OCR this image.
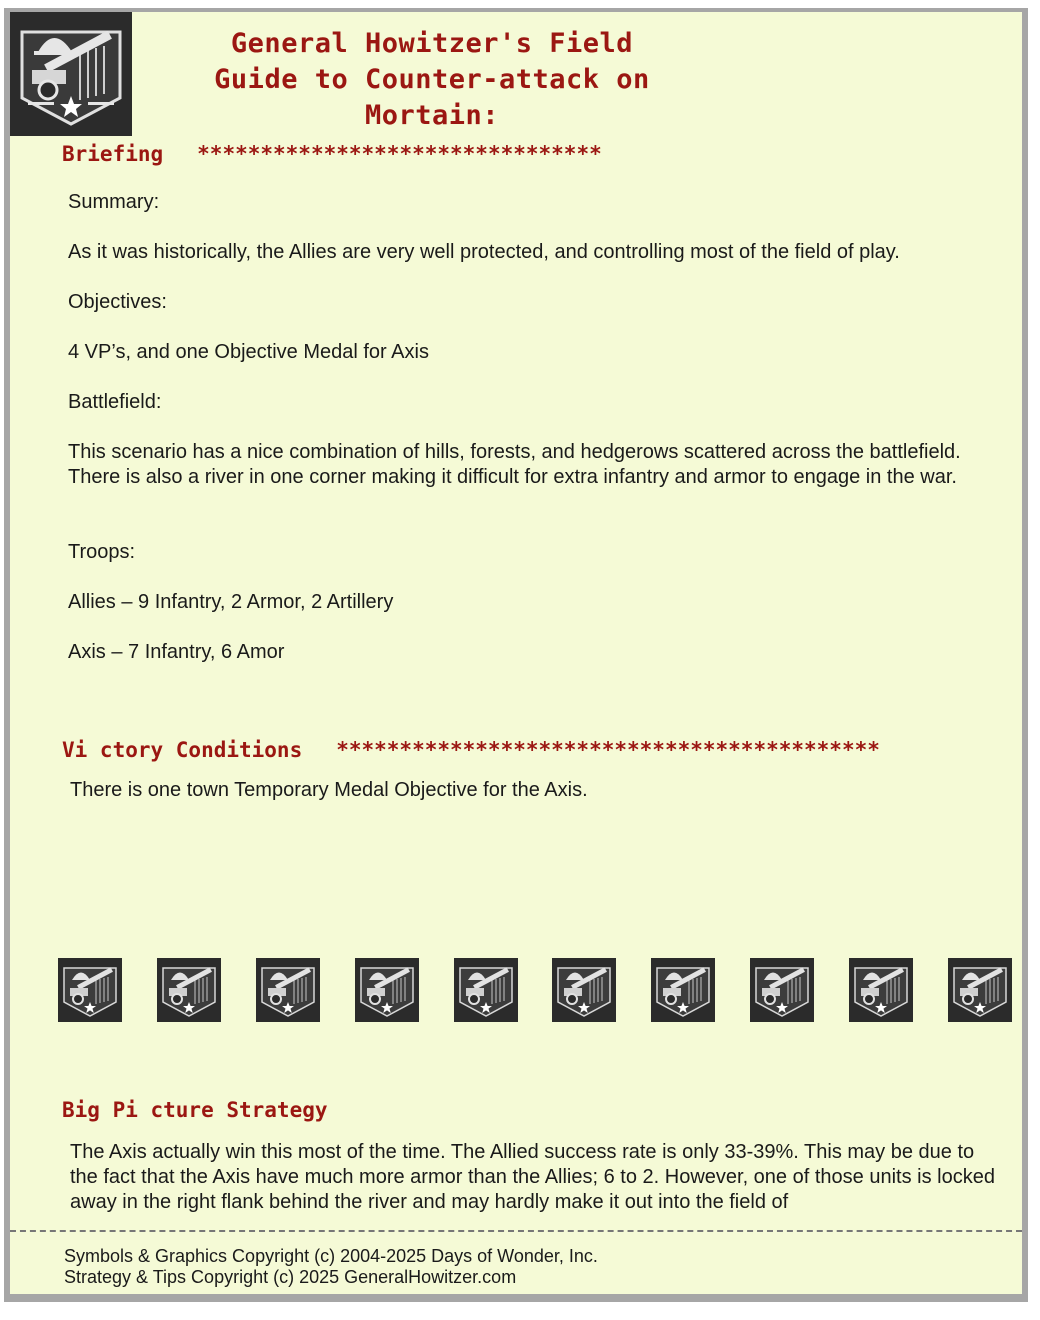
General Howitzer's Field
Guide to Counter-attack on
Mortain:
Briefing ********************************

Summary:

As it was historically, the Allies are very well protected, and controlling most of the field of play.

Objectives:

4 VP’s, and one Objective Medal for Axis

Battlefield:

This scenario has a nice combination of hills, forests, and hedgerows scattered across the battlefield. There is also a river in one corner making it difficult for extra infantry and armor to engage in the war.

Troops:

Allies – 9 Infantry, 2 Armor, 2 Artillery

Axis – 7 Infantry, 6 Amor

Vi ctory Conditions *******************************************

There is one town Temporary Medal Objective for the Axis.

Big Pi cture Strategy

The Axis actually win this most of the time. The Allied success rate is only 33-39%. This may be due to the fact that the Axis have much more armor than the Allies; 6 to 2. However, one of those units is locked away in the right flank behind the river and may hardly make it out into the field of

Symbols & Graphics Copyright (c) 2004-2025 Days of Wonder, Inc.
Strategy & Tips Copyright (c) 2025 GeneralHowitzer.com
